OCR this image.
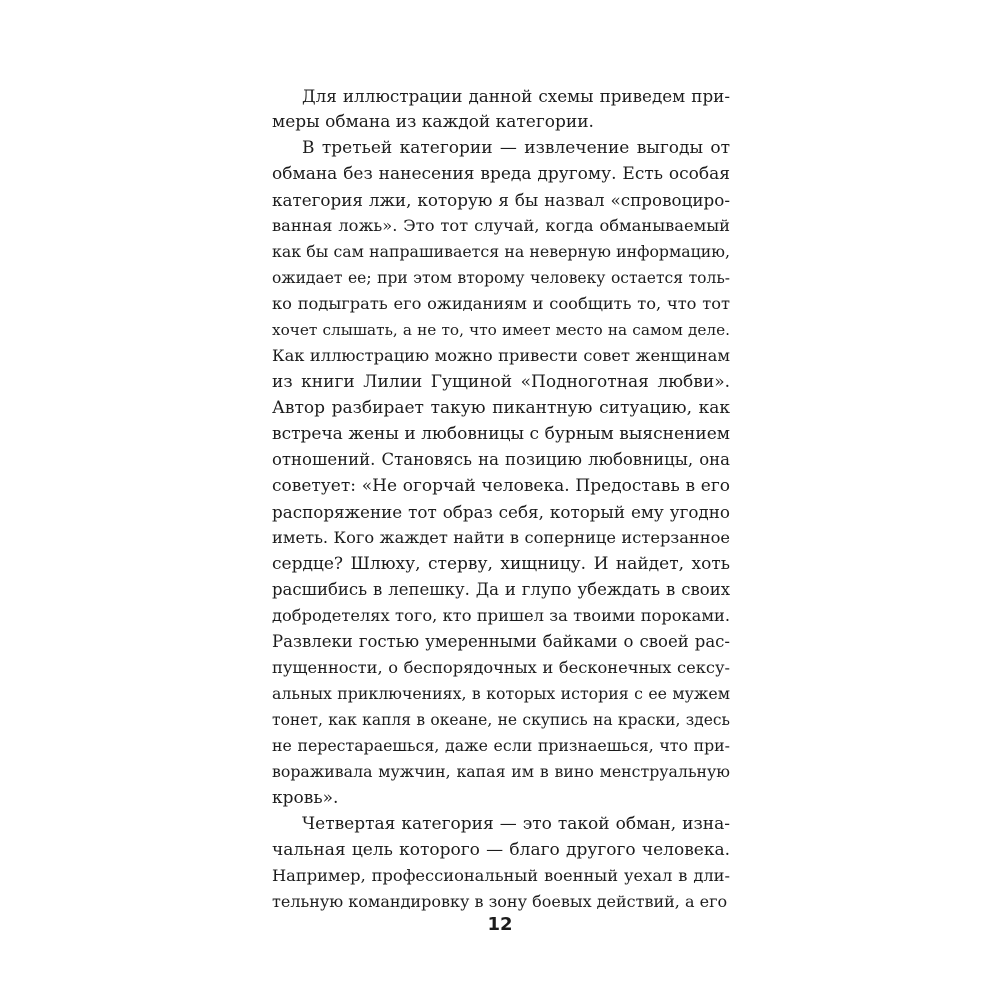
Для иллюстрации данной схемы приведем при-
меры обмана из каждой категории.
В третьей категории — извлечение выгоды от
обмана без нанесения вреда другому. Есть особая
категория лжи, которую я бы назвал «спровоциро-
ванная ложь». Это тот случай, когда обманываемый
как бы сам напрашивается на неверную информацию,
ожидает ее; при этом второму человеку остается толь-
ко подыграть его ожиданиям и сообщить то, что тот
хочет слышать, а не то, что имеет место на самом деле.
Как иллюстрацию можно привести совет женщинам
из книги Лилии Гущиной «Подноготная любви».
Автор разбирает такую пикантную ситуацию, как
встреча жены и любовницы с бурным выяснением
отношений. Становясь на позицию любовницы, она
советует: «Не огорчай человека. Предоставь в его
распоряжение тот образ себя, который ему угодно
иметь. Кого жаждет найти в сопернице истерзанное
сердце? Шлюху, стерву, хищницу. И найдет, хоть
расшибись в лепешку. Да и глупо убеждать в своих
добродетелях того, кто пришел за твоими пороками.
Развлеки гостью умеренными байками о своей рас-
пущенности, о беспорядочных и бесконечных сексу-
альных приключениях, в которых история с ее мужем
тонет, как капля в океане, не скупись на краски, здесь
не перестараешься, даже если признаешься, что при-
вораживала мужчин, капая им в вино менструальную
кровь».
Четвертая категория — это такой обман, изна-
чальная цель которого — благо другого человека.
Например, профессиональный военный уехал в дли-
тельную командировку в зону боевых действий, а его
12
